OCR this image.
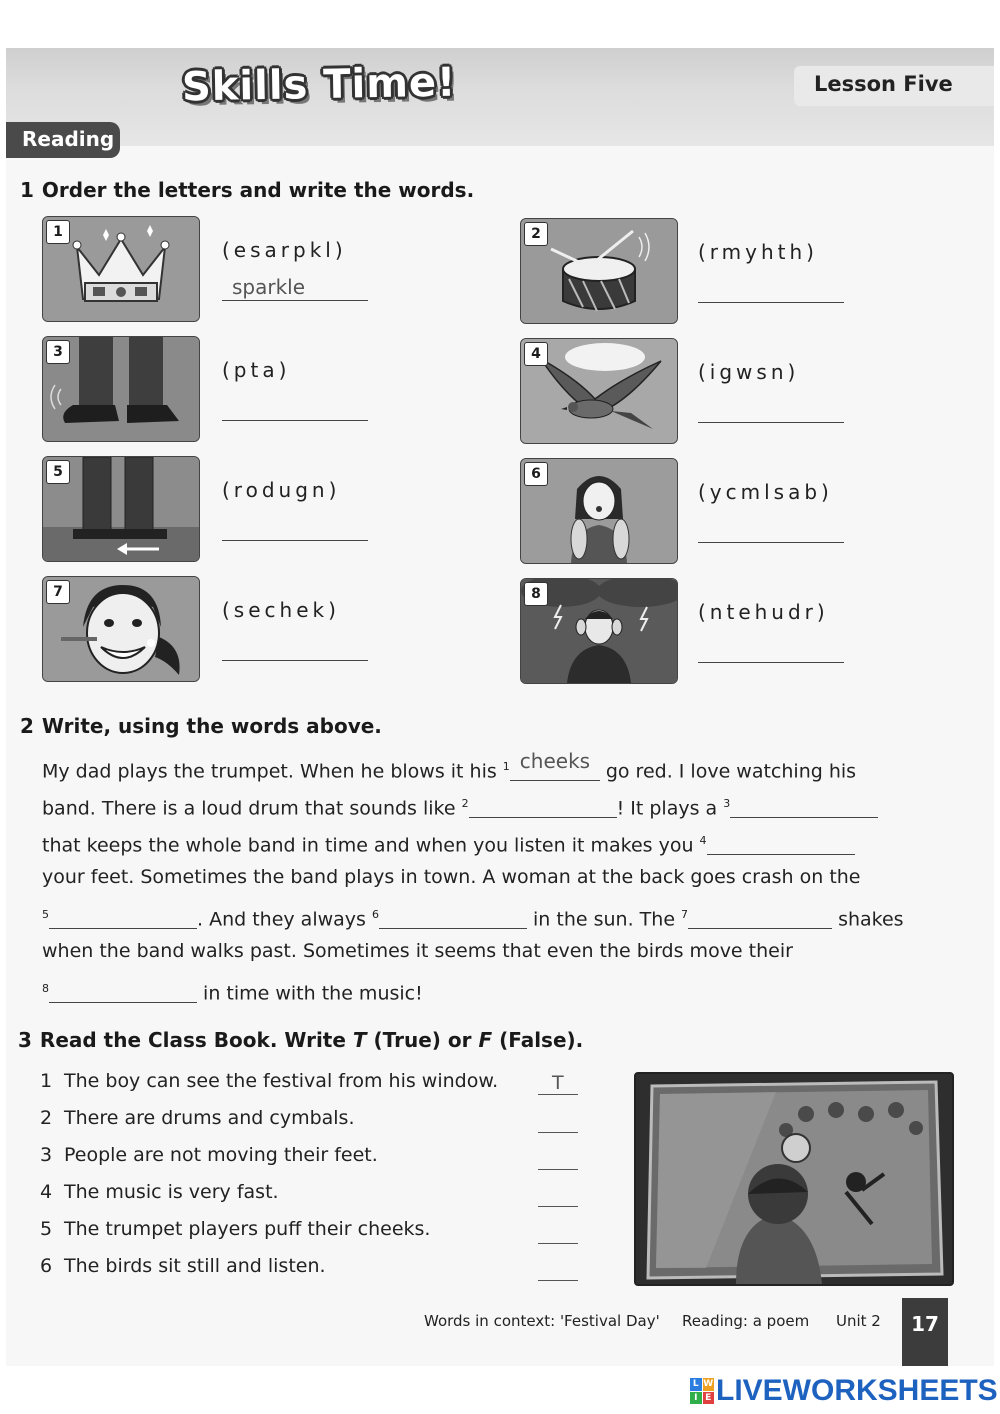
Skills Time!	Lesson Five
Reading
1 Order the letters and write the words.
1
(esarpkl)
sparkle
2
(rmyhth)
3
(pta)
4
(igwsn)
5
(rodugn)
6
(ycmlsab)
7
(sechek)
8
(ntehudr)
2 Write, using the words above.
My dad plays the trumpet. When he blows it his $^1$ cheeks go red. I love watching his
band. There is a loud drum that sounds like $^2$	! It plays a $^3$
that keeps the whole band in time and when you listen it makes you $^4$
your feet. Sometimes the band plays in town. A woman at the back goes crash on the
$^5$	. And they always $^6$	in the sun. The $^7$	shakes
when the band walks past. Sometimes it seems that even the birds move their
$^8$	in time with the music!
3 Read the Class Book. Write T (True) or F (False).
1 The boy can see the festival from his window.	T
2 There are drums and cymbals.
3 People are not moving their feet.
4 The music is very fast.
5 The trumpet players puff their cheeks.
6 The birds sit still and listen.
Words in context: 'Festival Day' Reading: a poem Unit 2	17
L W
I E LIVEWORKSHEETS
